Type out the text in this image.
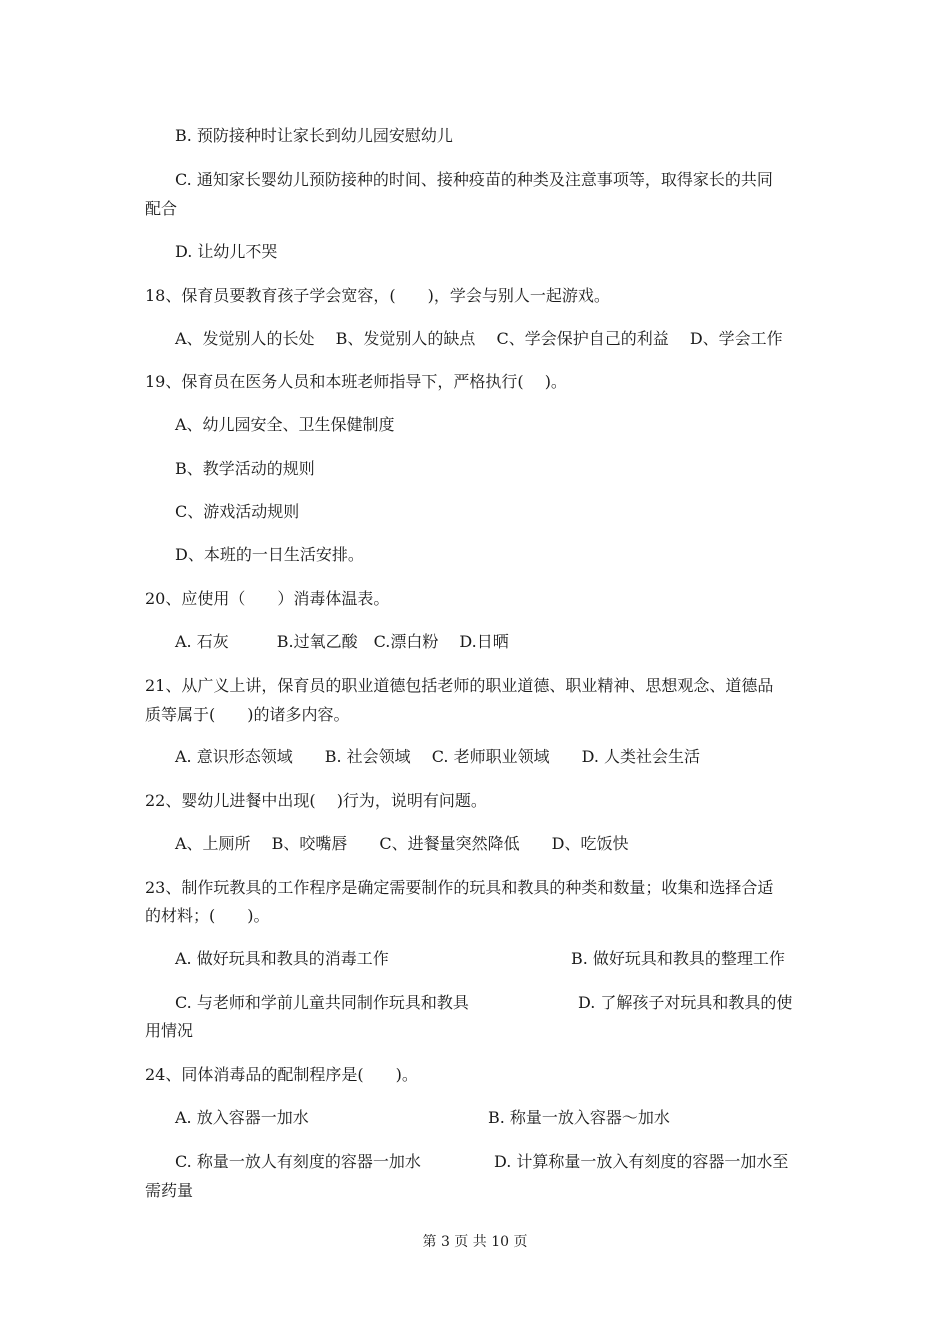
B. 预防接种时让家长到幼儿园安慰幼儿
C. 通知家长婴幼儿预防接种的时间、接种疫苗的种类及注意事项等，取得家长的共同
配合
D. 让幼儿不哭
18、保育员要教育孩子学会宽容，(　　)，学会与别人一起游戏。
A、发觉别人的长处　 B、发觉别人的缺点　 C、学会保护自己的利益　 D、学会工作
19、保育员在医务人员和本班老师指导下，严格执行(　 )。
A、幼儿园安全、卫生保健制度
B、教学活动的规则
C、游戏活动规则
D、本班的一日生活安排。
20、应使用（　　）消毒体温表。
A. 石灰　　　B.过氧乙酸　C.漂白粉　 D.日晒
21、从广义上讲，保育员的职业道德包括老师的职业道德、职业精神、思想观念、道德品
质等属于(　　)的诸多内容。
A. 意识形态领域　　B. 社会领域　 C. 老师职业领域　　D. 人类社会生活
22、婴幼儿进餐中出现(　 )行为，说明有问题。
A、上厕所　 B、咬嘴唇　　C、进餐量突然降低　　D、吃饭快
23、制作玩教具的工作程序是确定需要制作的玩具和教具的种类和数量；收集和选择合适
的材料；(　　)。
A. 做好玩具和教具的消毒工作	B. 做好玩具和教具的整理工作
C. 与老师和学前儿童共同制作玩具和教具	D. 了解孩子对玩具和教具的使
用情况
24、同体消毒品的配制程序是(　　)。
A. 放入容器一加水	B. 称量一放入容器～加水
C. 称量一放人有刻度的容器一加水	D. 计算称量一放入有刻度的容器一加水至
需药量
第 3 页 共 10 页
